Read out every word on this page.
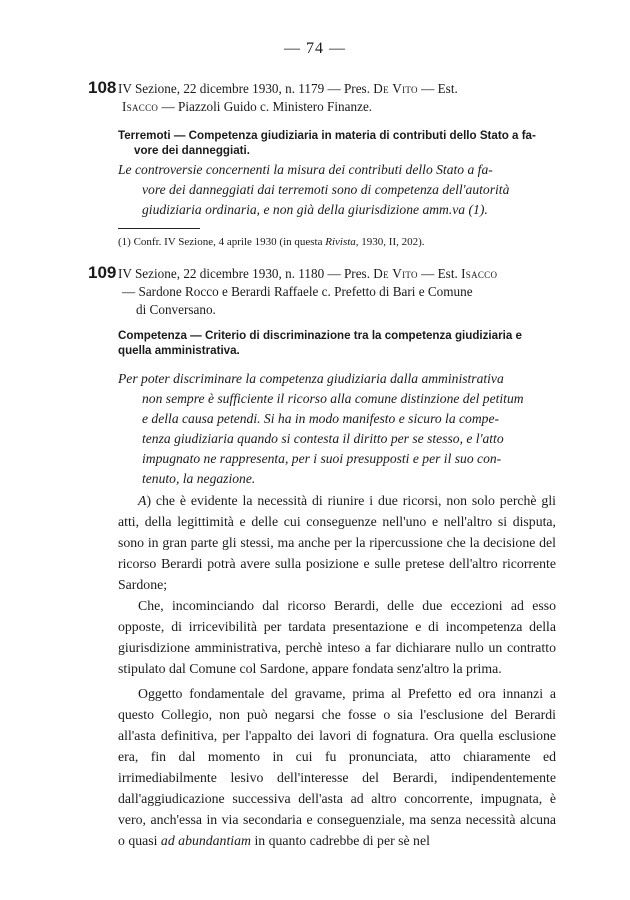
— 74 —
108 IV Sezione, 22 dicembre 1930, n. 1179 — Pres. De Vito — Est.
Isacco — Piazzoli Guido c. Ministero Finanze.
Terremoti — Competenza giudiziaria in materia di contributi dello Stato a fa-
vore dei danneggiati.
Le controversie concernenti la misura dei contributi dello Stato a fa-
vore dei danneggiati dai terremoti sono di competenza dell'autorità
giudiziaria ordinaria, e non già della giurisdizione amm.va (1).
(1) Confr. IV Sezione, 4 aprile 1930 (in questa Rivista, 1930, II, 202).
109 IV Sezione, 22 dicembre 1930, n. 1180 — Pres. De Vito — Est. Isacco
— Sardone Rocco e Berardi Raffaele c. Prefetto di Bari e Comune
di Conversano.
Competenza — Criterio di discriminazione tra la competenza giudiziaria e
quella amministrativa.
Per poter discriminare la competenza giudiziaria dalla amministrativa
non sempre è sufficiente il ricorso alla comune distinzione del petitum
e della causa petendi. Si ha in modo manifesto e sicuro la compe-
tenza giudiziaria quando si contesta il diritto per se stesso, e l'atto
impugnato ne rappresenta, per i suoi presupposti e per il suo con-
tenuto, la negazione.

A) che è evidente la necessità di riunire i due ricorsi, non solo perchè gli atti, della legittimità e delle cui conseguenze nell'uno e nell'altro si disputa, sono in gran parte gli stessi, ma anche per la ripercussione che la decisione del ricorso Berardi potrà avere sulla posizione e sulle pretese dell'altro ricorrente Sardone;

Che, incominciando dal ricorso Berardi, delle due eccezioni ad esso opposte, di irricevibilità per tardata presentazione e di incompetenza della giurisdizione amministrativa, perchè inteso a far dichiarare nullo un contratto stipulato dal Comune col Sardone, appare fondata senz'altro la prima.

Oggetto fondamentale del gravame, prima al Prefetto ed ora innanzi a questo Collegio, non può negarsi che fosse o sia l'esclusione del Berardi all'asta definitiva, per l'appalto dei lavori di fognatura. Ora quella esclusione era, fin dal momento in cui fu pronunciata, atto chiaramente ed irrimediabilmente lesivo dell'interesse del Berardi, indipendentemente dall'aggiudicazione successiva dell'asta ad altro concorrente, impugnata, è vero, anch'essa in via secondaria e conseguenziale, ma senza necessità alcuna o quasi ad abundantiam in quanto cadrebbe di per sè nel
